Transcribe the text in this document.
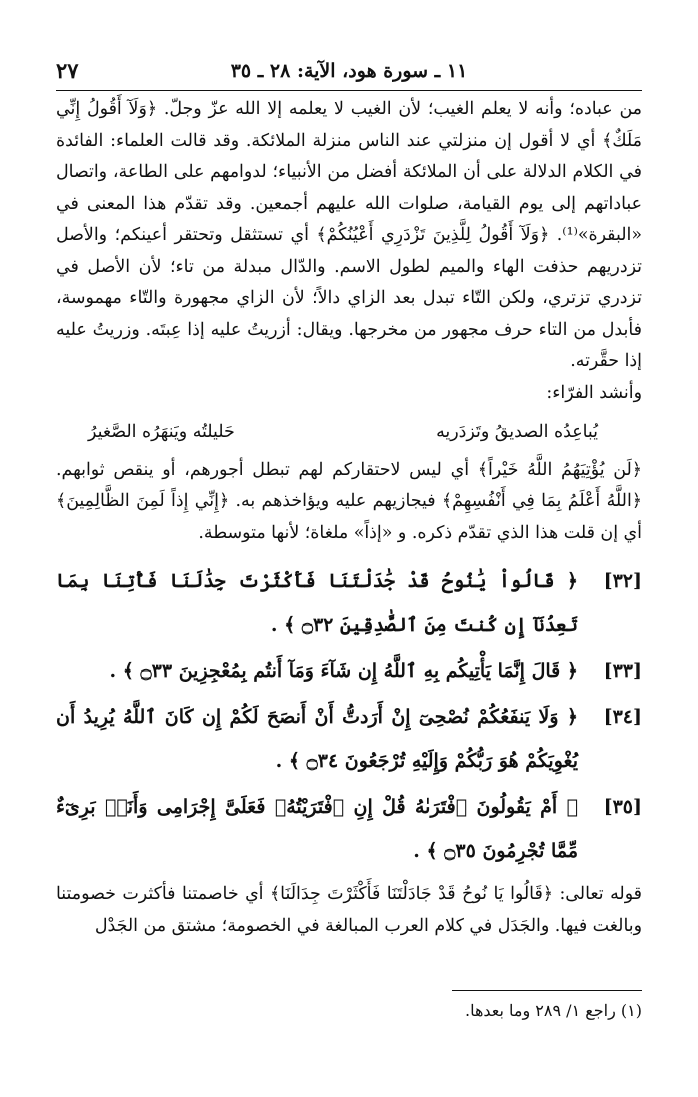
١١ ـ سورة هود، الآية: ٢٨ ـ ٣٥
٢٧

من عباده؛ وأنه لا يعلم الغيب؛ لأن الغيب لا يعلمه إلا الله عزّ وجلّ. ﴿وَلَآ أَقُولُ إِنِّي مَلَكٌ﴾ أي لا أقول إن منزلتي عند الناس منزلة الملائكة. وقد قالت العلماء: الفائدة في الكلام الدلالة على أن الملائكة أفضل من الأنبياء؛ لدوامهم على الطاعة، واتصال عباداتهم إلى يوم القيامة، صلوات الله عليهم أجمعين. وقد تقدّم هذا المعنى في «البقرة»⁽¹⁾. ﴿وَلَآ أَقُولُ لِلَّذِينَ تَزْدَرِي أَعْيُنُكُمْ﴾ أي تستثقل وتحتقر أعينكم؛ والأصل تزدريهم حذفت الهاء والميم لطول الاسم. والدّال مبدلة من تاء؛ لأن الأصل في تزدري تزتري، ولكن التّاء تبدل بعد الزاي دالاً؛ لأن الزاي مجهورة والتّاء مهموسة، فأبدل من التاء حرف مجهور من مخرجها. ويقال: أزريتُ عليه إذا عِبتَه. وزريتُ عليه إذا حقَّرته.

وأنشد الفرّاء:

يُباعِدُه الصديقُ وتَزدَريه
حَليلتُه ويَنهَرُه الصَّغيرُ

﴿لَن يُؤْتِيَهُمُ اللَّهُ خَيْراً﴾ أي ليس لاحتقاركم لهم تبطل أجورهم، أو ينقص ثوابهم. ﴿اللَّهُ أَعْلَمُ بِمَا فِي أَنْفُسِهِمْ﴾ فيجازيهم عليه ويؤاخذهم به. ﴿إِنِّي إِذاً لَمِنَ الظَّالِمِينَ﴾ أي إن قلت هذا الذي تقدّم ذكره. و «إذاً» ملغاة؛ لأنها متوسطة.

[٣٢]
﴿ قَالُواْ يَٰنُوحُ قَدْ جَٰدَلْتَنَا فَأَكْثَرْتَ جِدَٰلَنَا فَأْتِنَا بِمَا تَعِدُنَآ إِن كُنتَ مِنَ ٱلصَّٰدِقِينَ ۝٣٢ ﴾ .
[٣٣]
﴿ قَالَ إِنَّمَا يَأْتِيكُم بِهِ ٱللَّهُ إِن شَآءَ وَمَآ أَنتُم بِمُعْجِزِينَ ۝٣٣ ﴾ .
[٣٤]
﴿ وَلَا يَنفَعُكُمْ نُصْحِىٓ إِنْ أَرَدتُّ أَنْ أَنصَحَ لَكُمْ إِن كَانَ ٱللَّهُ يُرِيدُ أَن يُغْوِيَكُمْ هُوَ رَبُّكُمْ وَإِلَيْهِ تُرْجَعُونَ ۝٣٤ ﴾ .
[٣٥]
﴿ أَمْ يَقُولُونَ ٱفْتَرَىٰهُ قُلْ إِنِ ٱفْتَرَيْتُهُۥ فَعَلَىَّ إِجْرَامِى وَأَنَا۠ بَرِىٓءٌ مِّمَّا تُجْرِمُونَ ۝٣٥ ﴾ .

قوله تعالى: ﴿قَالُوا يَا نُوحُ قَدْ جَادَلْتَنَا فَأَكْثَرْتَ جِدَالَنَا﴾ أي خاصمتنا فأكثرت خصومتنا وبالغت فيها. والجَدَل في كلام العرب المبالغة في الخصومة؛ مشتق من الجَدْل

(١) راجع ١/ ٢٨٩ وما بعدها.
